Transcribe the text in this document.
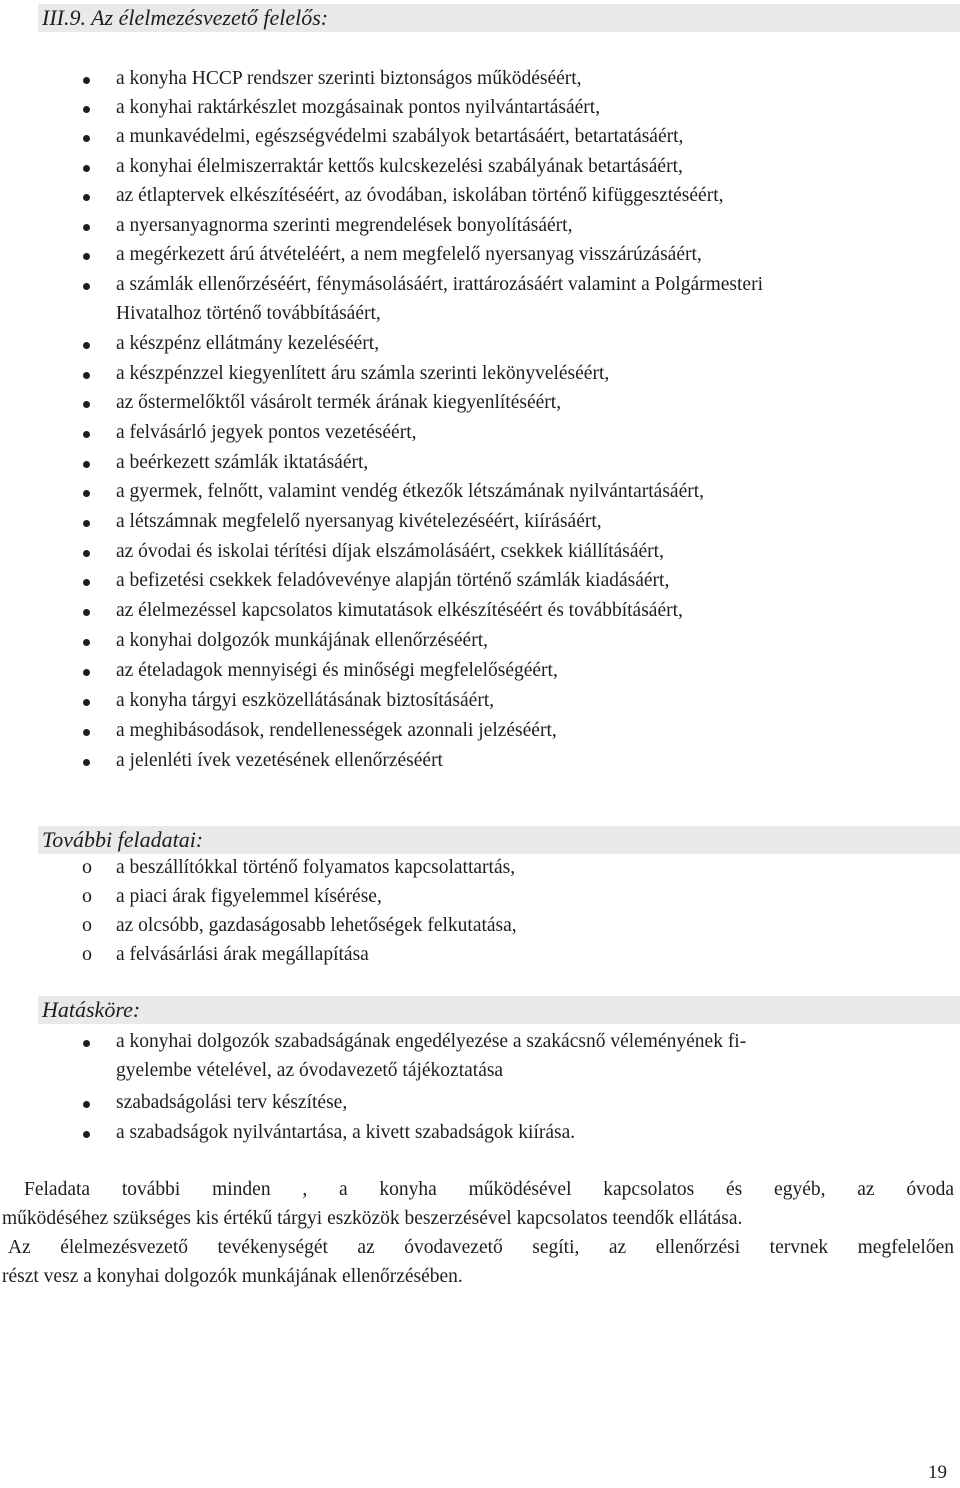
III.9. Az élelmezésvezető felelős:
a konyha HCCP rendszer szerinti biztonságos működéséért,
a konyhai raktárkészlet mozgásainak pontos nyilvántartásáért,
a munkavédelmi, egészségvédelmi szabályok betartásáért, betartatásáért,
a konyhai élelmiszerraktár kettős kulcskezelési szabályának betartásáért,
az étlaptervek elkészítéséért, az óvodában, iskolában történő kifüggesztéséért,
a nyersanyagnorma szerinti megrendelések bonyolításáért,
a megérkezett árú átvételéért, a nem megfelelő nyersanyag visszárúzásáért,
a számlák ellenőrzéséért, fénymásolásáért, irattározásáért valamint a Polgármesteri
Hivatalhoz történő továbbításáért,
a készpénz ellátmány kezeléséért,
a készpénzzel kiegyenlített áru számla szerinti lekönyveléséért,
az őstermelőktől vásárolt termék árának kiegyenlítéséért,
a felvásárló jegyek pontos vezetéséért,
a beérkezett számlák iktatásáért,
a gyermek, felnőtt, valamint vendég étkezők létszámának nyilvántartásáért,
a létszámnak megfelelő nyersanyag kivételezéséért, kiírásáért,
az óvodai és iskolai térítési díjak elszámolásáért, csekkek kiállításáért,
a befizetési csekkek feladóvevénye alapján történő számlák kiadásáért,
az élelmezéssel kapcsolatos kimutatások elkészítéséért és továbbításáért,
a konyhai dolgozók munkájának ellenőrzéséért,
az ételadagok mennyiségi és minőségi megfelelőségéért,
a konyha tárgyi eszközellátásának biztosításáért,
a meghibásodások, rendellenességek azonnali jelzéséért,
a jelenléti ívek vezetésének ellenőrzéséért
További feladatai:
o a beszállítókkal történő folyamatos kapcsolattartás,
o a piaci árak figyelemmel kísérése,
o az olcsóbb, gazdaságosabb lehetőségek felkutatása,
o a felvásárlási árak megállapítása
Hatásköre:
a konyhai dolgozók szabadságának engedélyezése a szakácsnő véleményének fi-
gyelembe vételével, az óvodavezető tájékoztatása
szabadságolási terv készítése,
a szabadságok nyilvántartása, a kivett szabadságok kiírása.
Feladata további minden , a konyha működésével kapcsolatos és egyéb, az óvoda
működéséhez szükséges kis értékű tárgyi eszközök beszerzésével kapcsolatos teendők ellátása.
Az élelmezésvezető tevékenységét az óvodavezető segíti, az ellenőrzési tervnek megfelelően
részt vesz a konyhai dolgozók munkájának ellenőrzésében.
19
